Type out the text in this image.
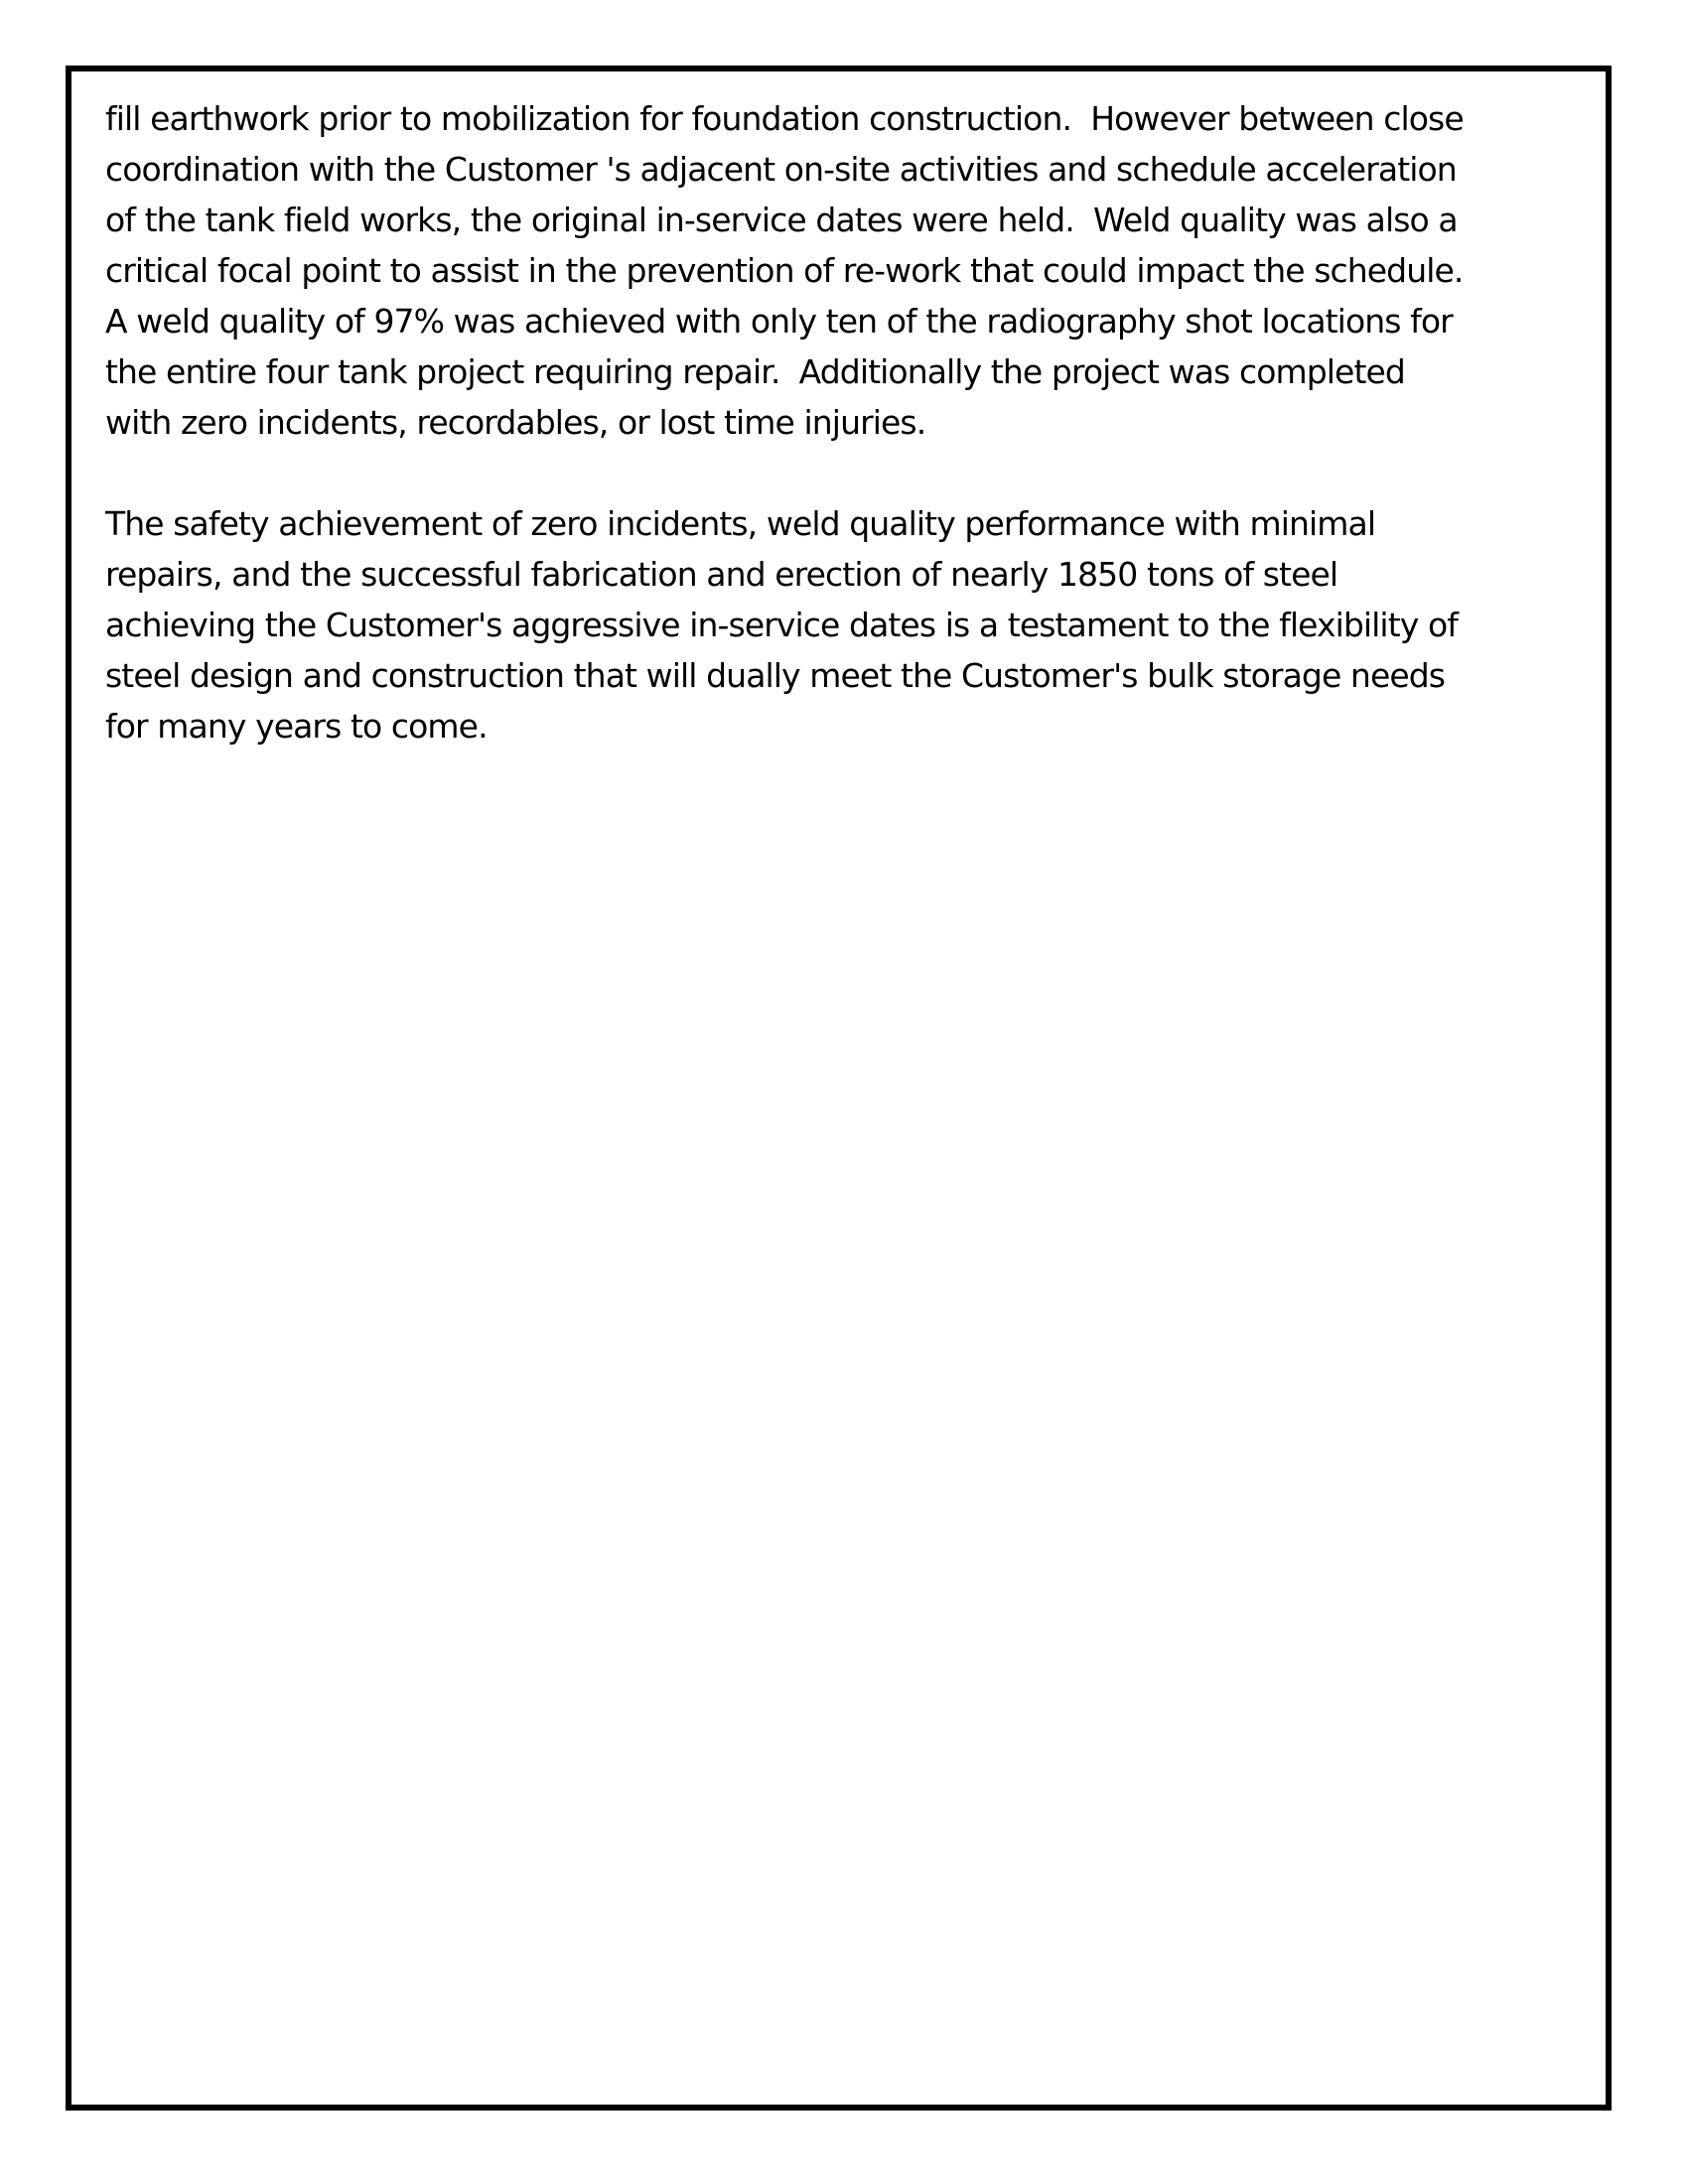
fill earthwork prior to mobilization for foundation construction.  However between close
coordination with the Customer 's adjacent on-site activities and schedule acceleration
of the tank field works, the original in-service dates were held.  Weld quality was also a
critical focal point to assist in the prevention of re-work that could impact the schedule.
A weld quality of 97% was achieved with only ten of the radiography shot locations for
the entire four tank project requiring repair.  Additionally the project was completed
with zero incidents, recordables, or lost time injuries.
The safety achievement of zero incidents, weld quality performance with minimal
repairs, and the successful fabrication and erection of nearly 1850 tons of steel
achieving the Customer's aggressive in-service dates is a testament to the flexibility of
steel design and construction that will dually meet the Customer's bulk storage needs
for many years to come.
